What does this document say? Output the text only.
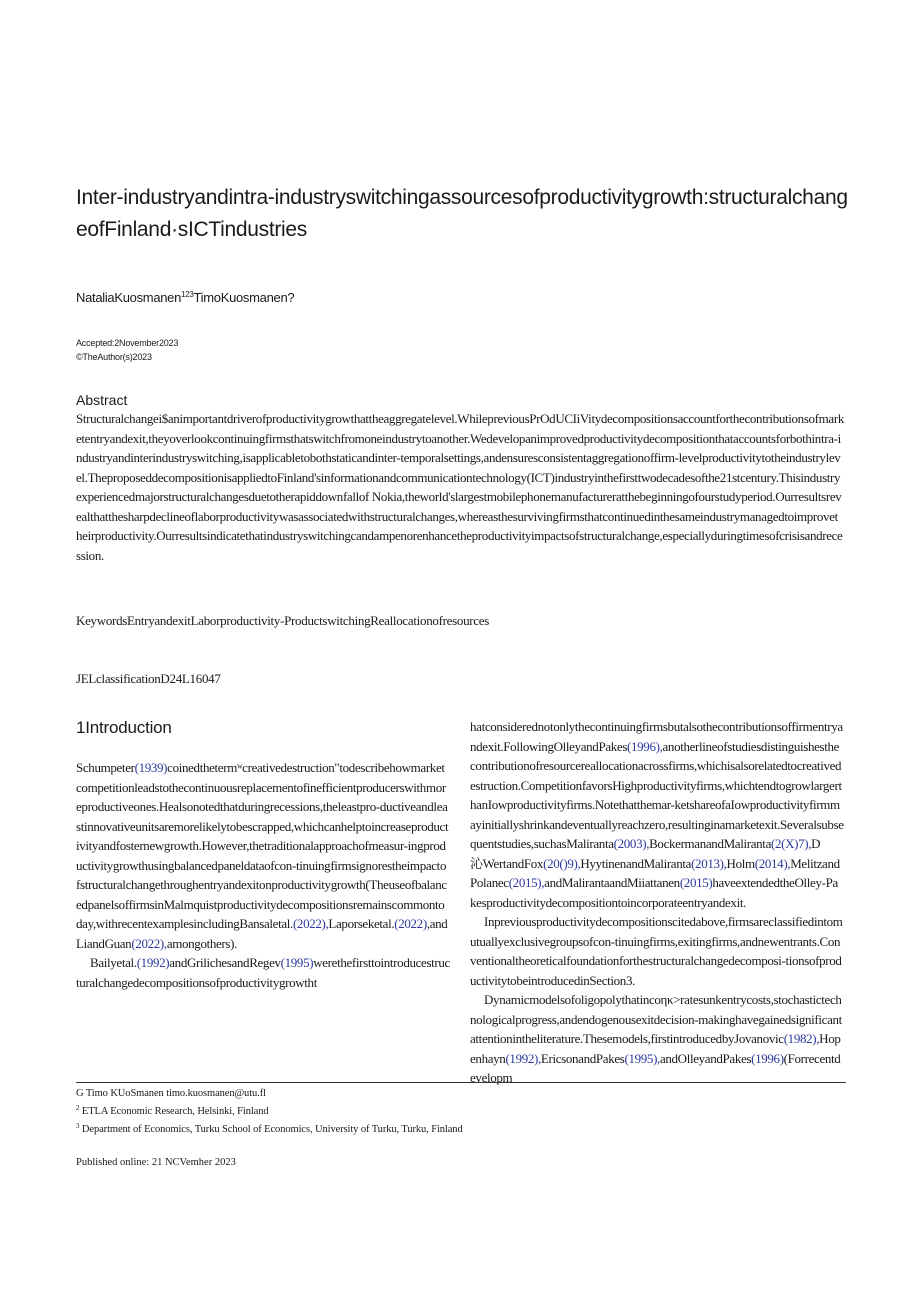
Inter-industryandintra-industryswitchingassourcesofproductivitygrowth:structuralchangeofFinland·sICTindustries
NataliaKuosmanen$^{123}$TimoKuosmanen?
Accepted:2November2023
©TheAuthor(s)2023
Abstract

Structuralchangei$animportantdriverofproductivitygrowthattheaggregatelevel.WhilepreviousPrOdUCIiVitydecompositionsaccountforthecontributionsofmarketentryandexit,theyoverlookcontinuingfirmsthatswitchfromoneindustrytoanother.Wedevelopanimprovedproductivitydecompositionthataccountsforbothintra-industryandinterindustryswitching,isapplicabletobothstaticandinter-temporalsettings,andensuresconsistentaggregationoffirm-levelproductivitytotheindustrylevel.TheproposeddecompositionisappliedtoFinland'sinformationandcommunicationtechnology(ICT)industryinthefirsttwodecadesofthe21stcentury.Thisindustryexperiencedmajorstructuralchangesduetotherapiddownfallof Nokia,theworld'slargestmobilephonemanufactureratthebeginningofourstudyperiod.Ourresultsrevealthatthesharpdeclineoflaborproductivitywasassociatedwithstructuralchanges,whereasthesurvivingfirmsthatcontinuedinthesameindustrymanagedtoimprovetheirproductivity.Ourresultsindicatethatindustryswitchingcandampenorenhancetheproductivityimpactsofstructuralchange,especiallyduringtimesofcrisisandrecession.

KeywordsEntryandexitLaborproductivity-ProductswitchingReallocationofresources
JELclassificationD24L16047
1Introduction

Schumpeter(1939)coinedthetermʷcreativedestruction"todescribehowmarketcompetitionleadstothecontinuousreplacementofinefficientproducerswithmoreproductiveones.Healsonotedthatduringrecessions,theleastpro-ductiveandleastinnovativeunitsaremorelikelytobescrapped,whichcanhelptoincreaseproductivityandfosternewgrowth.However,thetraditionalapproachofmeasur-ingproductivitygrowthusingbalancedpaneldataofcon-tinuingfirmsignorestheimpactofstructuralchangethroughentryandexitonproductivitygrowth(TheuseofbalancedpanelsoffirmsinMalmquistproductivitydecompositionsremainscommontoday,withrecentexamplesincludingBansaletal.(2022),Laporseketal.(2022),andLiandGuan(2022),amongothers).

Bailyetal.(1992)andGrilichesandRegev(1995)werethefirsttointroducestructuralchangedecompositionsofproductivitygrowtht

hatconsiderednotonlythecontinuingfirmsbutalsothecontributionsoffirmentryandexit.FollowingOlleyandPakes(1996),anotherlineofstudiesdistinguishesthecontributionofresourcereallocationacrossfirms,whichisalsorelatedtocreativedestruction.CompetitionfavorsHighproductivityfirms,whichtendtogrowlargerthanIowproductivityfirms.Notethatthemar-ketshareofaIowproductivityfirmmayinitiallyshrinkandeventuallyreachzero,resultinginamarketexit.Severalsubsequentstudies,suchasMaliranta(2003),BockermanandMaliranta(2(X)7),D　　沁WertandFox(20()9),HyytinenandMaliranta(2013),Holm(2014),MelitzandPolanec(2015),andMalirantaandMiiattanen(2015)haveextendedtheOlley-Pakesproductivitydecompositiontoincorporateentryandexit.

Inpreviousproductivitydecompositionscitedabove,firmsareclassifiedintomutuallyexclusivegroupsofcon-tinuingfirms,exitingfirms,andnewentrants.Conventionaltheoreticalfoundationforthestructuralchangedecomposi-tionsofproductivitytobeintroducedinSection3.

Dynamicmodelsofoligopolythatincoηκ>ratesunkentrycosts,stochastictechnologicalprogress,andendogenousexitdecision-makinghavegainedsignificantattentionintheliterature.Thesemodels,firstintroducedbyJovanovic(1982),Hopenhayn(1992),EricsonandPakes(1995),andOlleyandPakes(1996)(Forrecentdevelopm

G Timo KUoSmanen timo.kuosmanen@utu.fl
$^2$ ETLA Economic Research, Helsinki, Finland
$^3$ Department of Economics, Turku School of Economics, University of Turku, Turku, Finland
Published online: 21 NCVemher 2023
